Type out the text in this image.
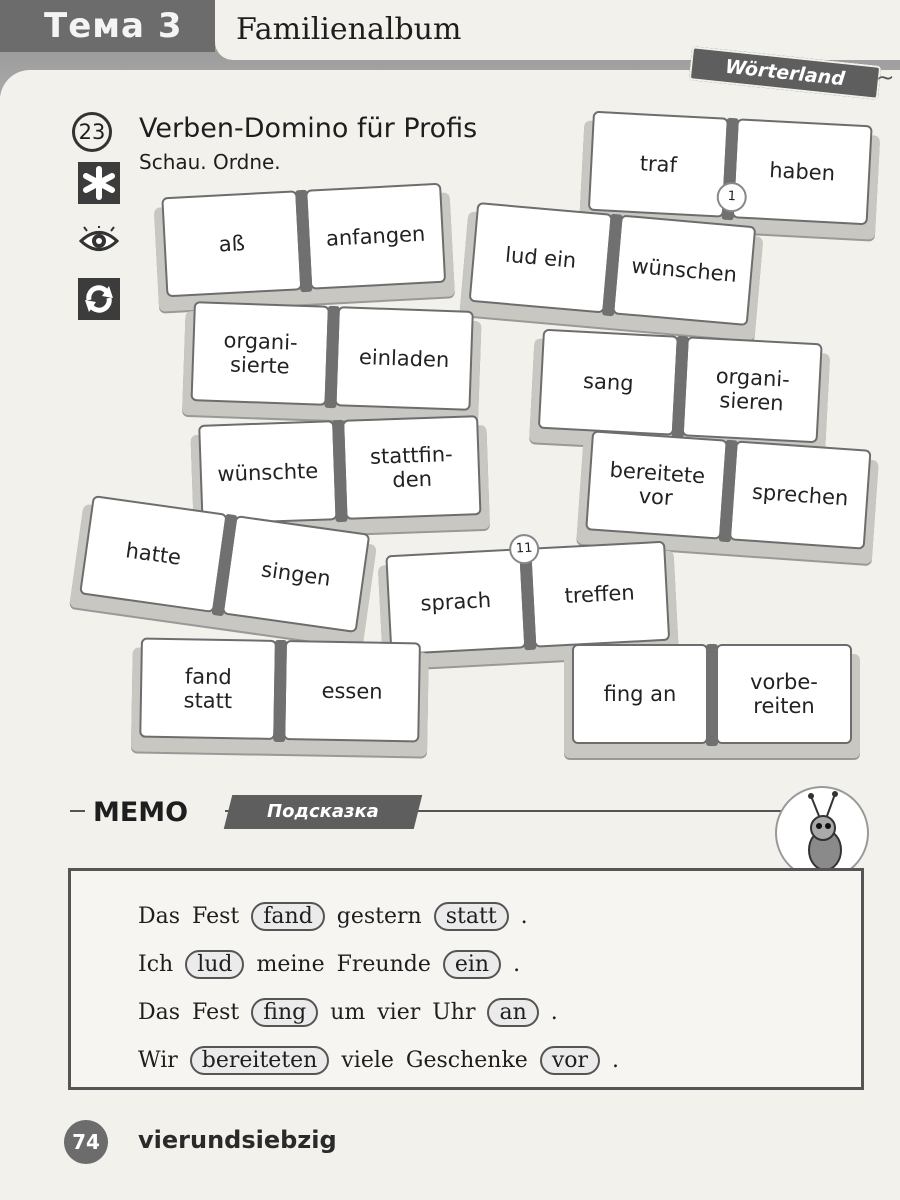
Тема 3 Familienalbum
Wörterland	~
23 Verben-Domino für Profis
Schau. Ordne.	traf	haben
1
aß	anfangen
lud ein	wünschen
organi-
sierte	einladen
sang	organi-
sieren
wünschte
stattfin-
den	bereitete
vor	sprechen
hatte
singen
sprach	treffen
11
fand
statt	essen	fing an	vorbe-
reiten
MEMO	Подсказка
Das Fest fand gestern statt .
Ich lud meine Freunde ein .
Das Fest fing um vier Uhr an .
Wir bereiteten viele Geschenke vor .
74	vierundsiebzig
